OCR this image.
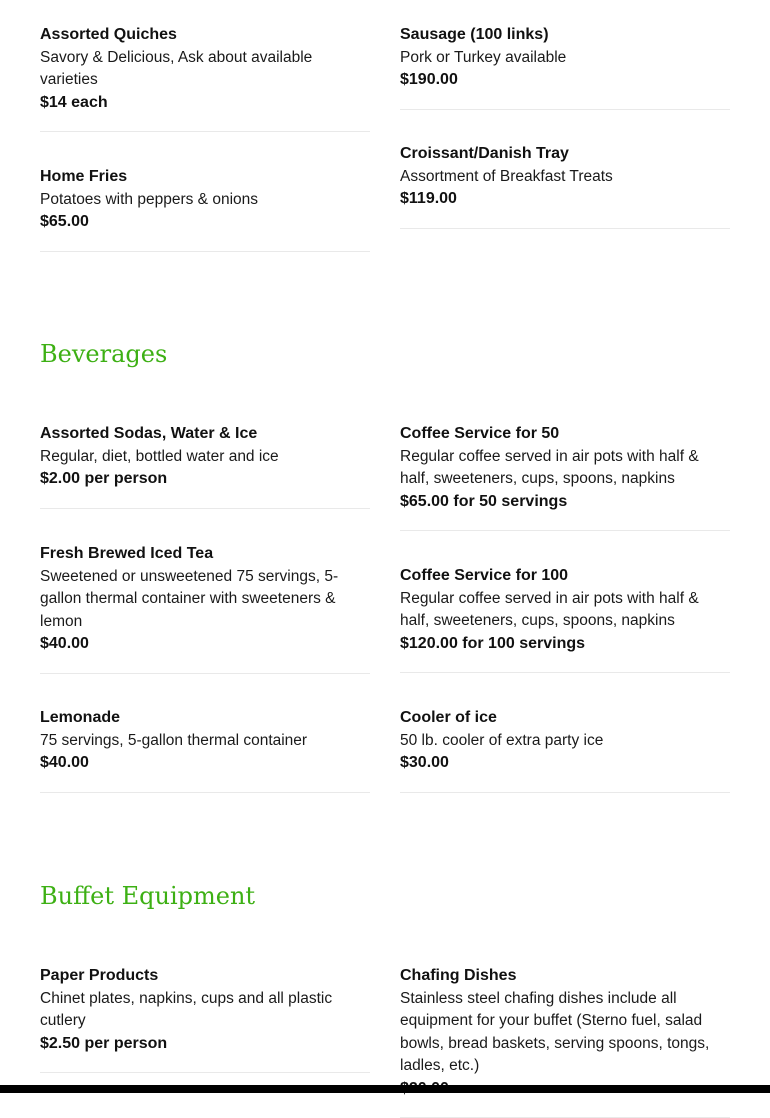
Assorted Quiches
Savory & Delicious, Ask about available varieties
$14 each
Sausage (100 links)
Pork or Turkey available
$190.00
Home Fries
Potatoes with peppers & onions
$65.00
Croissant/Danish Tray
Assortment of Breakfast Treats
$119.00
Beverages
Assorted Sodas, Water & Ice
Regular, diet, bottled water and ice
$2.00 per person
Coffee Service for 50
Regular coffee served in air pots with half & half, sweeteners, cups, spoons, napkins
$65.00 for 50 servings
Fresh Brewed Iced Tea
Sweetened or unsweetened 75 servings, 5-gallon thermal container with sweeteners & lemon
$40.00
Coffee Service for 100
Regular coffee served in air pots with half & half, sweeteners, cups, spoons, napkins
$120.00 for 100 servings
Lemonade
75 servings, 5-gallon thermal container
$40.00
Cooler of ice
50 lb. cooler of extra party ice
$30.00
Buffet Equipment
Paper Products
Chinet plates, napkins, cups and all plastic cutlery
$2.50 per person
Chafing Dishes
Stainless steel chafing dishes include all equipment for your buffet (Sterno fuel, salad bowls, bread baskets, serving spoons, tongs, ladles, etc.)
